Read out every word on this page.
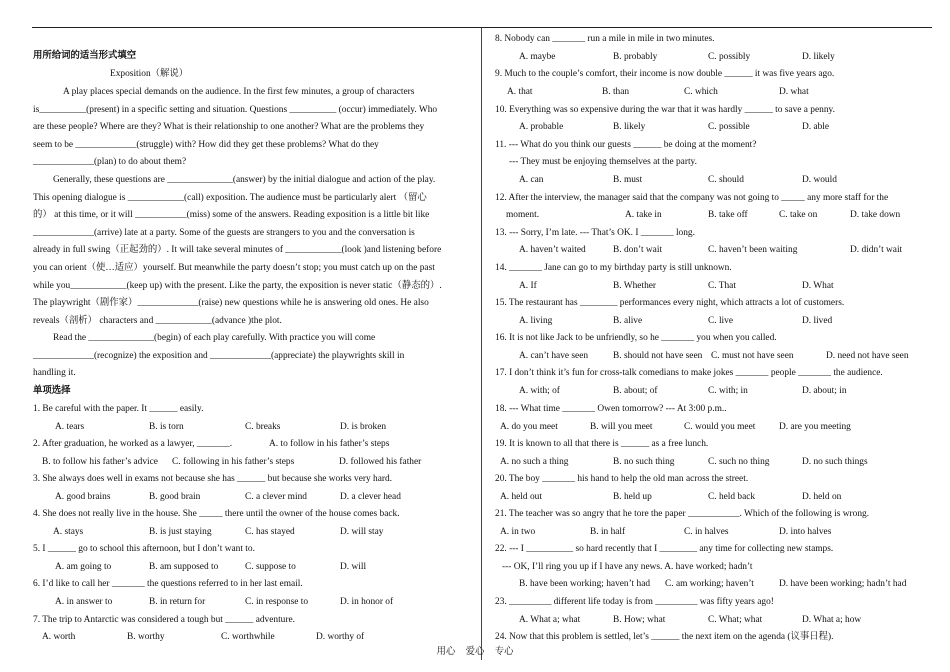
用所给词的适当形式填空
Exposition（解说）
A play places special demands on the audience. In the first few minutes, a group of characters
is__________(present) in a specific setting and situation. Questions __________ (occur) immediately. Who
are these people? Where are they? What is their relationship to one another? What are the problems they
seem to be _____________(struggle) with? How did they get these problems? What do they
_____________(plan) to do about them?
Generally, these questions are ______________(answer) by the initial dialogue and action of the play.
This opening dialogue is ____________(call) exposition. The audience must be particularly alert （留心
的） at this time, or it will ___________(miss) some of the answers. Reading exposition is a little bit like
_____________(arrive) late at a party. Some of the guests are strangers to you and the conversation is
already in full swing（正起劲的）. It will take several minutes of ____________(look )and listening before
you can orient（使…适应）yourself. But meanwhile the party doesn’t stop; you must catch up on the past
while you____________(keep up) with the present. Like the party, the exposition is never static（静态的）.
The playwright（剧作家）_____________(raise) new questions while he is answering old ones. He also
reveals（剖析） characters and ____________(advance )the plot.
Read the ______________(begin) of each play carefully. With practice you will come
_____________(recognize) the exposition and _____________(appreciate) the playwrights skill in
handling it.
单项选择
1. Be careful with the paper. It ______ easily.
A. tears	B. is torn	C. breaks	D. is broken
2. After graduation, he worked as a lawyer, _______.	A. to follow in his father’s steps
B. to follow his father’s advice C. following in his father’s steps	D. followed his father
3. She always does well in exams not because she has ______ but because she works very hard.
A. good brains	B. good brain	C. a clever mind	D. a clever head
4. She does not really live in the house. She _____ there until the owner of the house comes back.
A. stays	B. is just staying	C. has stayed	D. will stay
5. I ______ go to school this afternoon, but I don’t want to.
A. am going to	B. am supposed to	C. suppose to	D. will
6. I’d like to call her _______ the questions referred to in her last email.
A. in answer to	B. in return for	C. in response to	D. in honor of
7. The trip to Antarctic was considered a tough but ______ adventure.
A. worth	B. worthy	C. worthwhile	D. worthy of
8. Nobody can _______ run a mile in mile in two minutes.
A. maybe	B. probably	C. possibly	D. likely
9. Much to the couple’s comfort, their income is now double ______ it was five years ago.
A. that	B. than	C. which	D. what
10. Everything was so expensive during the war that it was hardly ______ to save a penny.
A. probable	B. likely	C. possible	D. able
11. --- What do you think our guests ______ be doing at the moment?
--- They must be enjoying themselves at the party.
A. can	B. must	C. should	D. would
12. After the interview, the manager said that the company was not going to _____ any more staff for the
moment.	A. take in	B. take off	C. take on	D. take down
13. --- Sorry, I’m late. --- That’s OK. I _______ long.
A. haven’t waited	B. don’t wait	C. haven’t been waiting	D. didn’t wait
14. _______ Jane can go to my birthday party is still unknown.
A. If	B. Whether	C. That	D. What
15. The restaurant has ________ performances every night, which attracts a lot of customers.
A. living	B. alive	C. live	D. lived
16. It is not like Jack to be unfriendly, so he _______ you when you called.
A. can’t have seen	B. should not have seen C. must not have seen	D. need not have seen
17. I don’t think it’s fun for cross-talk comedians to make jokes _______ people _______ the audience.
A. with; of	B. about; of	C. with; in	D. about; in
18. --- What time _______ Owen tomorrow? --- At 3:00 p.m..
A. do you meet	B. will you meet	C. would you meet	D. are you meeting
19. It is known to all that there is ______ as a free lunch.
A. no such a thing	B. no such thing	C. such no thing	D. no such things
20. The boy _______ his hand to help the old man across the street.
A. held out	B. held up	C. held back	D. held on
21. The teacher was so angry that he tore the paper ___________. Which of the following is wrong.
A. in two	B. in half	C. in halves	D. into halves
22. --- I __________ so hard recently that I ________ any time for collecting new stamps.
--- OK, I’ll ring you up if I have any news. A. have worked; hadn’t
B. have been working; haven’t had C. am working; haven’t	D. have been working; hadn’t had
23. _________ different life today is from _________ was fifty years ago!
A. What a; what	B. How; what	C. What; what	D. What a; how
24. Now that this problem is settled, let’s ______ the next item on the agenda (议事日程).
用心 爱心 专心
